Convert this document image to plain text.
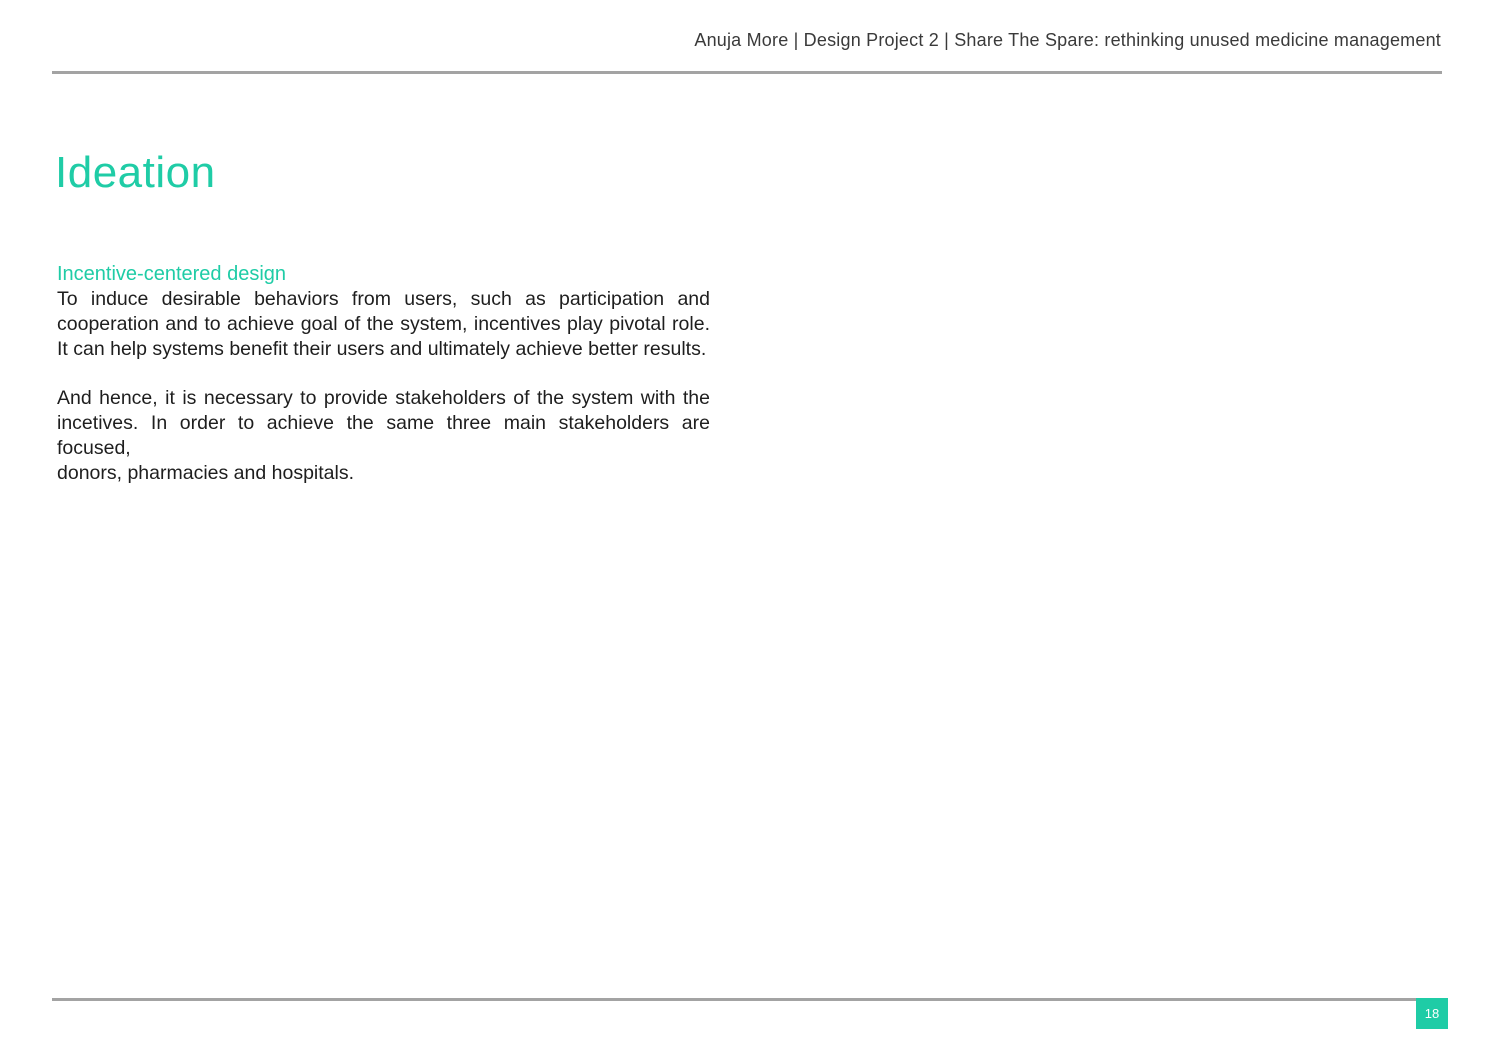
Anuja More | Design Project 2 | Share The Spare: rethinking unused medicine management
Ideation
Incentive-centered design

To induce desirable behaviors from users, such as participation and cooperation and to achieve goal of the system, incentives play pivotal role. It can help systems benefit their users and ultimately achieve better results.

And hence, it is necessary to provide stakeholders of the system with the incetives. In order to achieve the same three main stakeholders are focused,

donors, pharmacies and hospitals.

18
